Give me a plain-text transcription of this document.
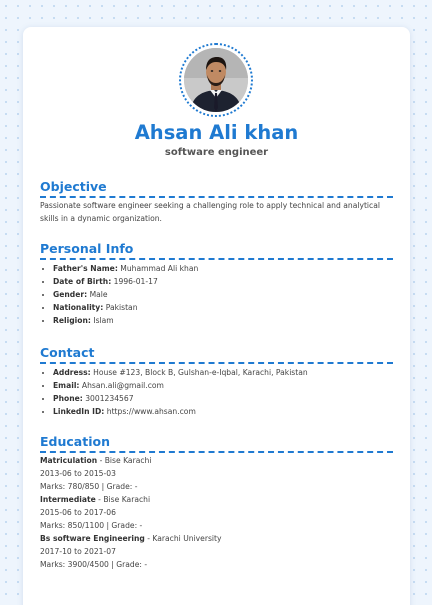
Ahsan Ali khan
software engineer
Objective
Passionate software engineer seeking a challenging role to apply technical and analytical skills in a dynamic organization.
Personal Info
• Father's Name: Muhammad Ali khan
• Date of Birth: 1996-01-17
• Gender: Male
• Nationality: Pakistan
• Religion: Islam
Contact
• Address: House #123, Block B, Gulshan-e-Iqbal, Karachi, Pakistan
• Email: Ahsan.ali@gmail.com
• Phone: 3001234567
• LinkedIn ID: https://www.ahsan.com
Education
Matriculation - Bise Karachi
2013-06 to 2015-03
Marks: 780/850 | Grade: -
Intermediate - Bise Karachi
2015-06 to 2017-06
Marks: 850/1100 | Grade: -
Bs software Engineering - Karachi University
2017-10 to 2021-07
Marks: 3900/4500 | Grade: -
